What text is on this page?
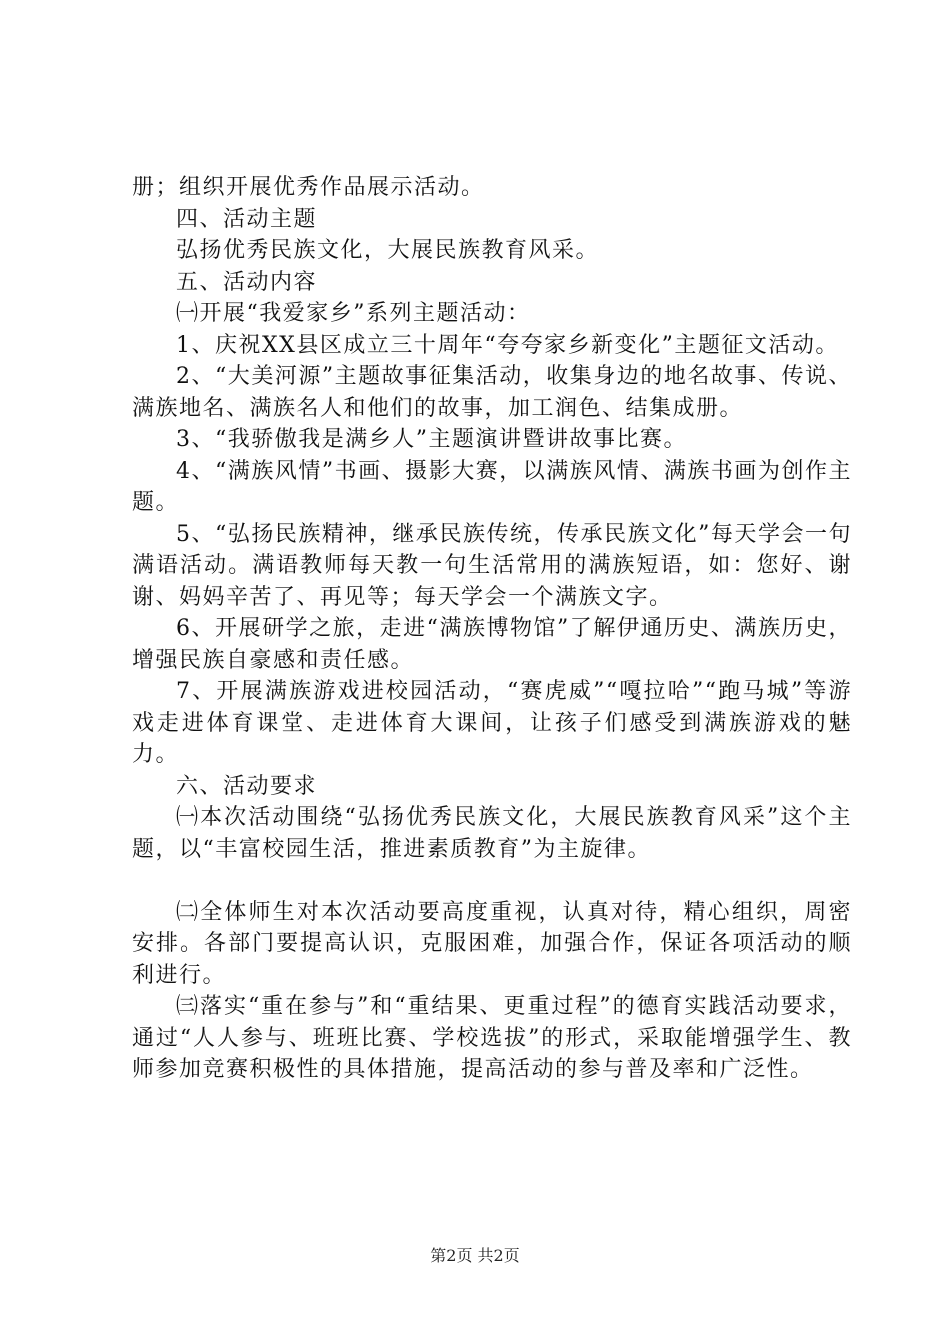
册；组织开展优秀作品展示活动。

四、活动主题

弘扬优秀民族文化，大展民族教育风采。

五、活动内容

㈠开展“我爱家乡”系列主题活动：

1、庆祝XX县区成立三十周年“夸夸家乡新变化”主题征文活动。

2、“大美河源”主题故事征集活动，收集身边的地名故事、传说、满族地名、满族名人和他们的故事，加工润色、结集成册。

3、“我骄傲我是满乡人”主题演讲暨讲故事比赛。

4、“满族风情”书画、摄影大赛，以满族风情、满族书画为创作主题。

5、“弘扬民族精神，继承民族传统，传承民族文化”每天学会一句满语活动。满语教师每天教一句生活常用的满族短语，如：您好、谢谢、妈妈辛苦了、再见等；每天学会一个满族文字。

6、开展研学之旅，走进“满族博物馆”了解伊通历史、满族历史，增强民族自豪感和责任感。

7、开展满族游戏进校园活动，“赛虎威”“嘎拉哈”“跑马城”等游戏走进体育课堂、走进体育大课间，让孩子们感受到满族游戏的魅力。

六、活动要求

㈠本次活动围绕“弘扬优秀民族文化，大展民族教育风采”这个主题，以“丰富校园生活，推进素质教育”为主旋律。

㈡全体师生对本次活动要高度重视，认真对待，精心组织，周密安排。各部门要提高认识，克服困难，加强合作，保证各项活动的顺利进行。

㈢落实“重在参与”和“重结果、更重过程”的德育实践活动要求，通过“人人参与、班班比赛、学校选拔”的形式，采取能增强学生、教师参加竞赛积极性的具体措施，提高活动的参与普及率和广泛性。

第2页 共2页
